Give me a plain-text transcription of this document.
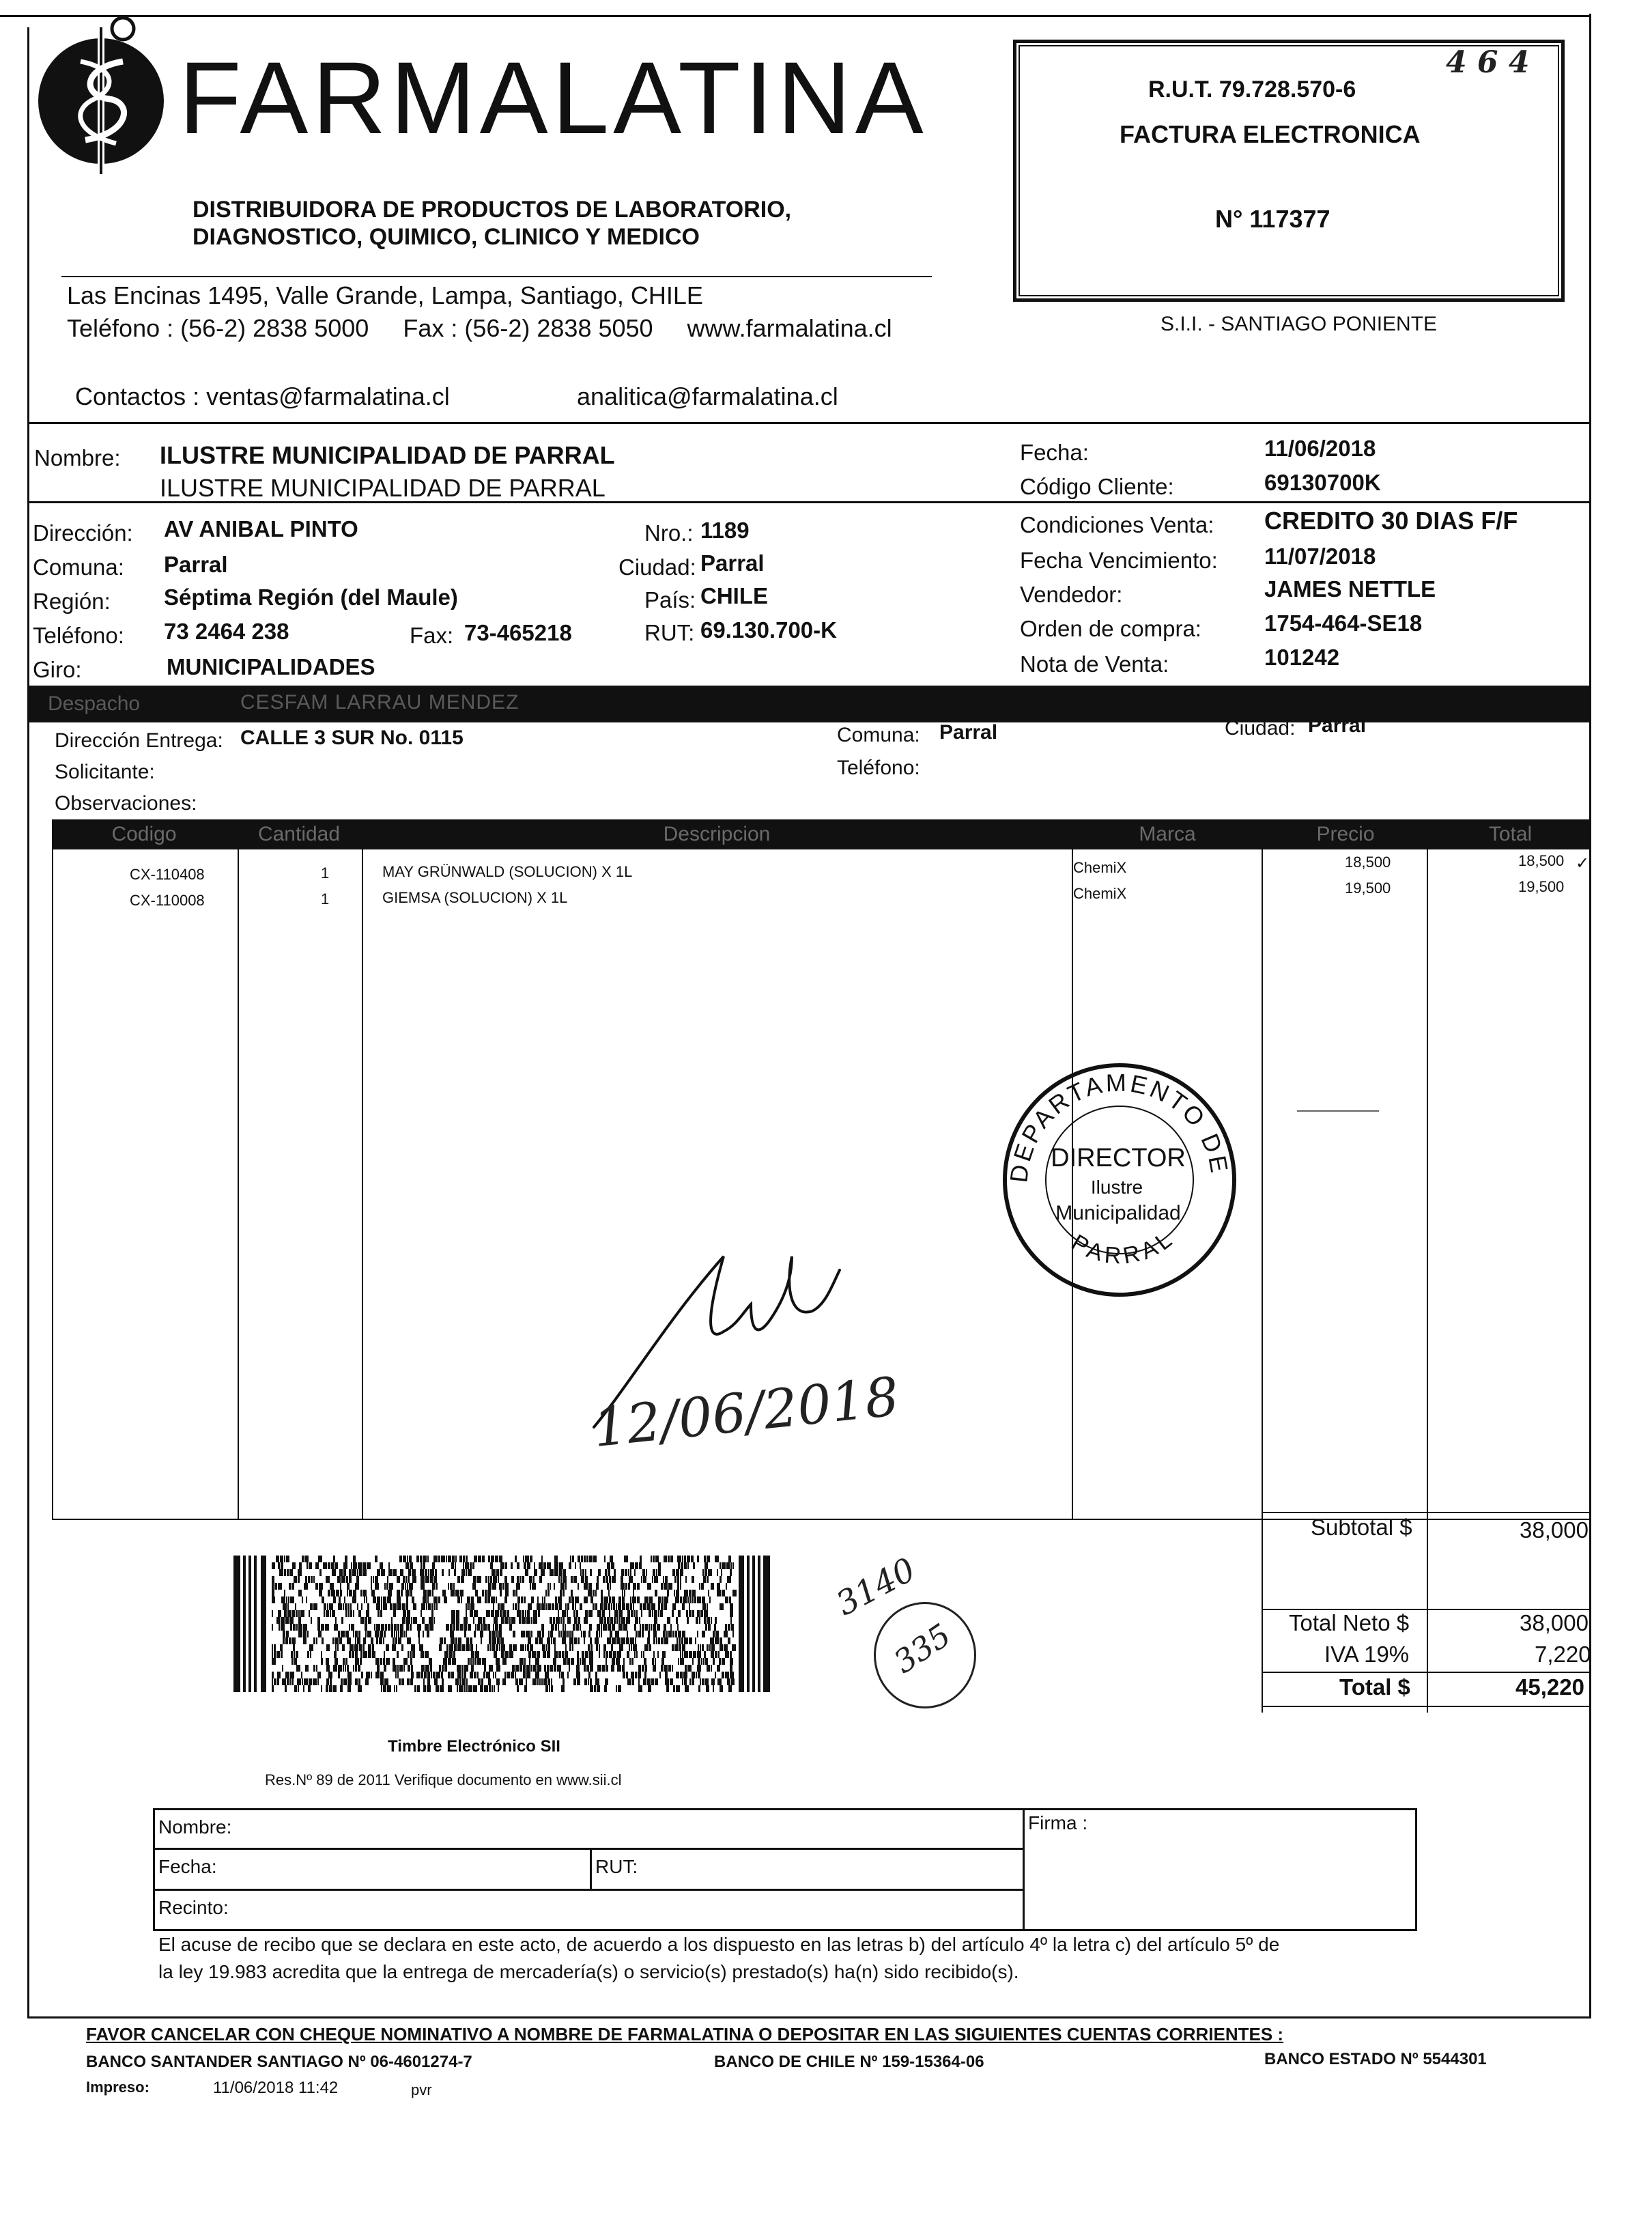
FARMALATINA
DISTRIBUIDORA DE PRODUCTOS DE LABORATORIO,
DIAGNOSTICO, QUIMICO, CLINICO Y MEDICO
Las Encinas 1495, Valle Grande, Lampa, Santiago, CHILE
Teléfono : (56-2) 2838 5000     Fax : (56-2) 2838 5050     www.farmalatina.cl
Contactos : ventas@farmalatina.cl	analitica@farmalatina.cl
R.U.T. 79.728.570-6
4 6 4
FACTURA ELECTRONICA
N° 117377
S.I.I. - SANTIAGO PONIENTE
Nombre: ILUSTRE MUNICIPALIDAD DE PARRAL
ILUSTRE MUNICIPALIDAD DE PARRAL
Fecha:	11/06/2018
Código Cliente:	69130700K
Dirección: AV ANIBAL PINTO	Nro.: 1189	Condiciones Venta: CREDITO 30 DIAS F/F
Comuna: Parral	Ciudad: Parral	Fecha Vencimiento: 11/07/2018
Región: Séptima Región (del Maule)	País: CHILE	Vendedor:	JAMES NETTLE
Teléfono: 73 2464 238	Fax: 73-465218	RUT: 69.130.700-K	Orden de compra:	1754-464-SE18
Giro:	MUNICIPALIDADES	Nota de Venta:	101242
Despacho	CESFAM LARRAU MENDEZ
Dirección Entrega: CALLE 3 SUR No. 0115	Comuna: Parral	Ciudad: Parral
Solicitante:	Teléfono:
Observaciones:
Codigo	Cantidad	Descripcion	Marca	Precio	Total
CX-110408	1	MAY GRÜNWALD (SOLUCION) X 1L	ChemiX	18,500	18,500
CX-110008	1	GIEMSA (SOLUCION) X 1L	ChemiX	19,500	19,500
✓
DEPARTAMENTO DE
PARRAL
DIRECTOR
Ilustre
Municipalidad
12/06/2018
Subtotal $	38,000
Total Neto $	38,000
IVA 19%	7,220
Total $	45,220
3140
335
Timbre Electrónico SII
Res.Nº 89 de 2011 Verifique documento en www.sii.cl
Nombre:	Firma :
Fecha:	RUT:
Recinto:
El acuse de recibo que se declara en este acto, de acuerdo a los dispuesto en las letras b) del artículo 4º la letra c) del artículo 5º de
la ley 19.983 acredita que la entrega de mercadería(s) o servicio(s) prestado(s) ha(n) sido recibido(s).
FAVOR CANCELAR CON CHEQUE NOMINATIVO A NOMBRE DE FARMALATINA O DEPOSITAR EN LAS SIGUIENTES CUENTAS CORRIENTES :
BANCO SANTANDER SANTIAGO Nº 06-4601274-7	BANCO DE CHILE Nº 159-15364-06	BANCO ESTADO Nº 5544301
Impreso:	11/06/2018 11:42	pvr
